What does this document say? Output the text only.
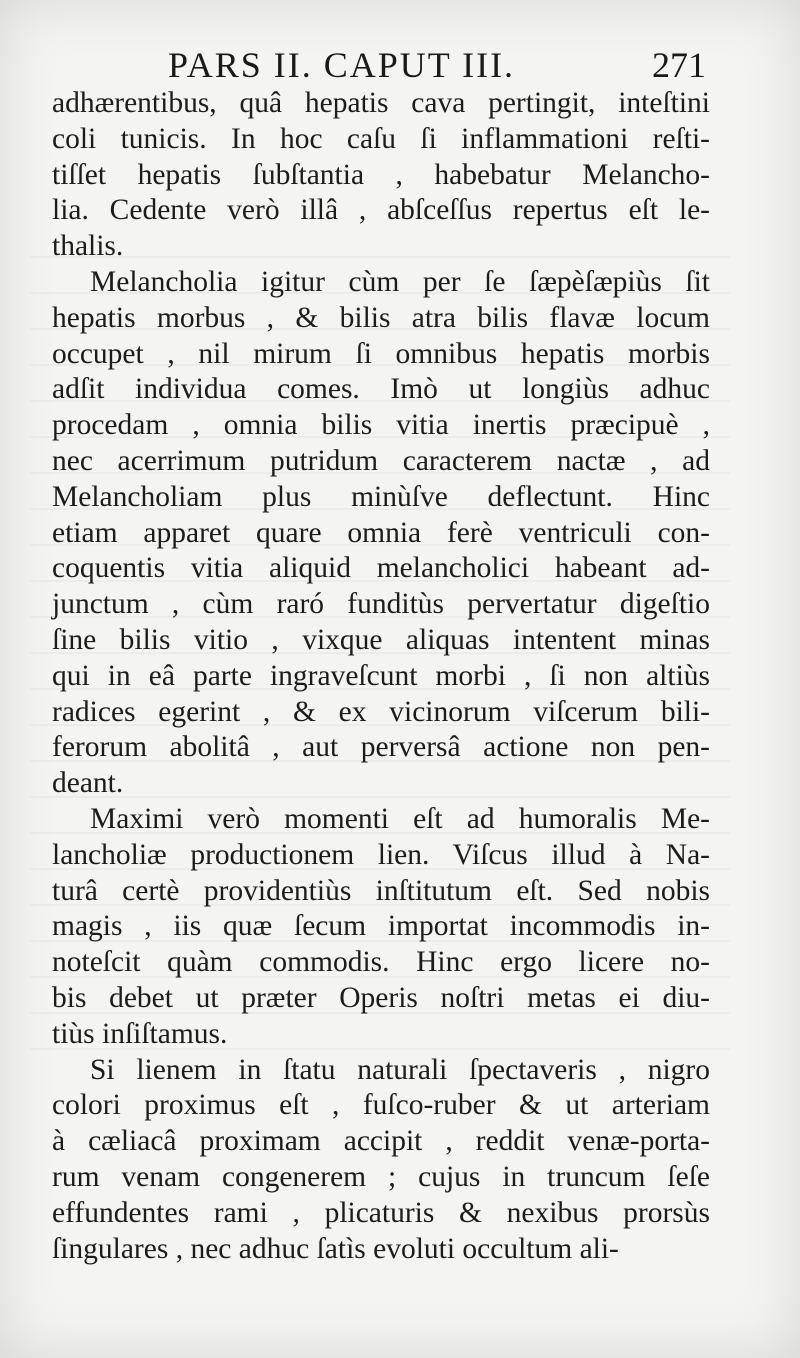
PARS II. CAPUT III.	271
adhærentibus, quâ hepatis cava pertingit, inteſtini
coli tunicis. In hoc caſu ſi inflammationi reſti-
tiſſet hepatis ſubſtantia , habebatur Melancho-
lia. Cedente verò illâ , abſceſſus repertus eſt le-
thalis.
Melancholia igitur cùm per ſe ſæpèſæpiùs ſit
hepatis morbus , & bilis atra bilis flavæ locum
occupet , nil mirum ſi omnibus hepatis morbis
adſit individua comes. Imò ut longiùs adhuc
procedam , omnia bilis vitia inertis præcipuè ,
nec acerrimum putridum caracterem nactæ , ad
Melancholiam plus minùſve deflectunt. Hinc
etiam apparet quare omnia ferè ventriculi con-
coquentis vitia aliquid melancholici habeant ad-
junctum , cùm raró funditùs pervertatur digeſtio
ſine bilis vitio , vixque aliquas intentent minas
qui in eâ parte ingraveſcunt morbi , ſi non altiùs
radices egerint , & ex vicinorum viſcerum bili-
ferorum abolitâ , aut perversâ actione non pen-
deant.
Maximi verò momenti eſt ad humoralis Me-
lancholiæ productionem lien. Viſcus illud à Na-
turâ certè providentiùs inſtitutum eſt. Sed nobis
magis , iis quæ ſecum importat incommodis in-
noteſcit quàm commodis. Hinc ergo licere no-
bis debet ut præter Operis noſtri metas ei diu-
tiùs inſiſtamus.
Si lienem in ſtatu naturali ſpectaveris , nigro
colori proximus eſt , fuſco-ruber & ut arteriam
à cæliacâ proximam accipit , reddit venæ-porta-
rum venam congenerem ; cujus in truncum ſeſe
effundentes rami , plicaturis & nexibus prorsùs
ſingulares , nec adhuc ſatìs evoluti occultum ali-
